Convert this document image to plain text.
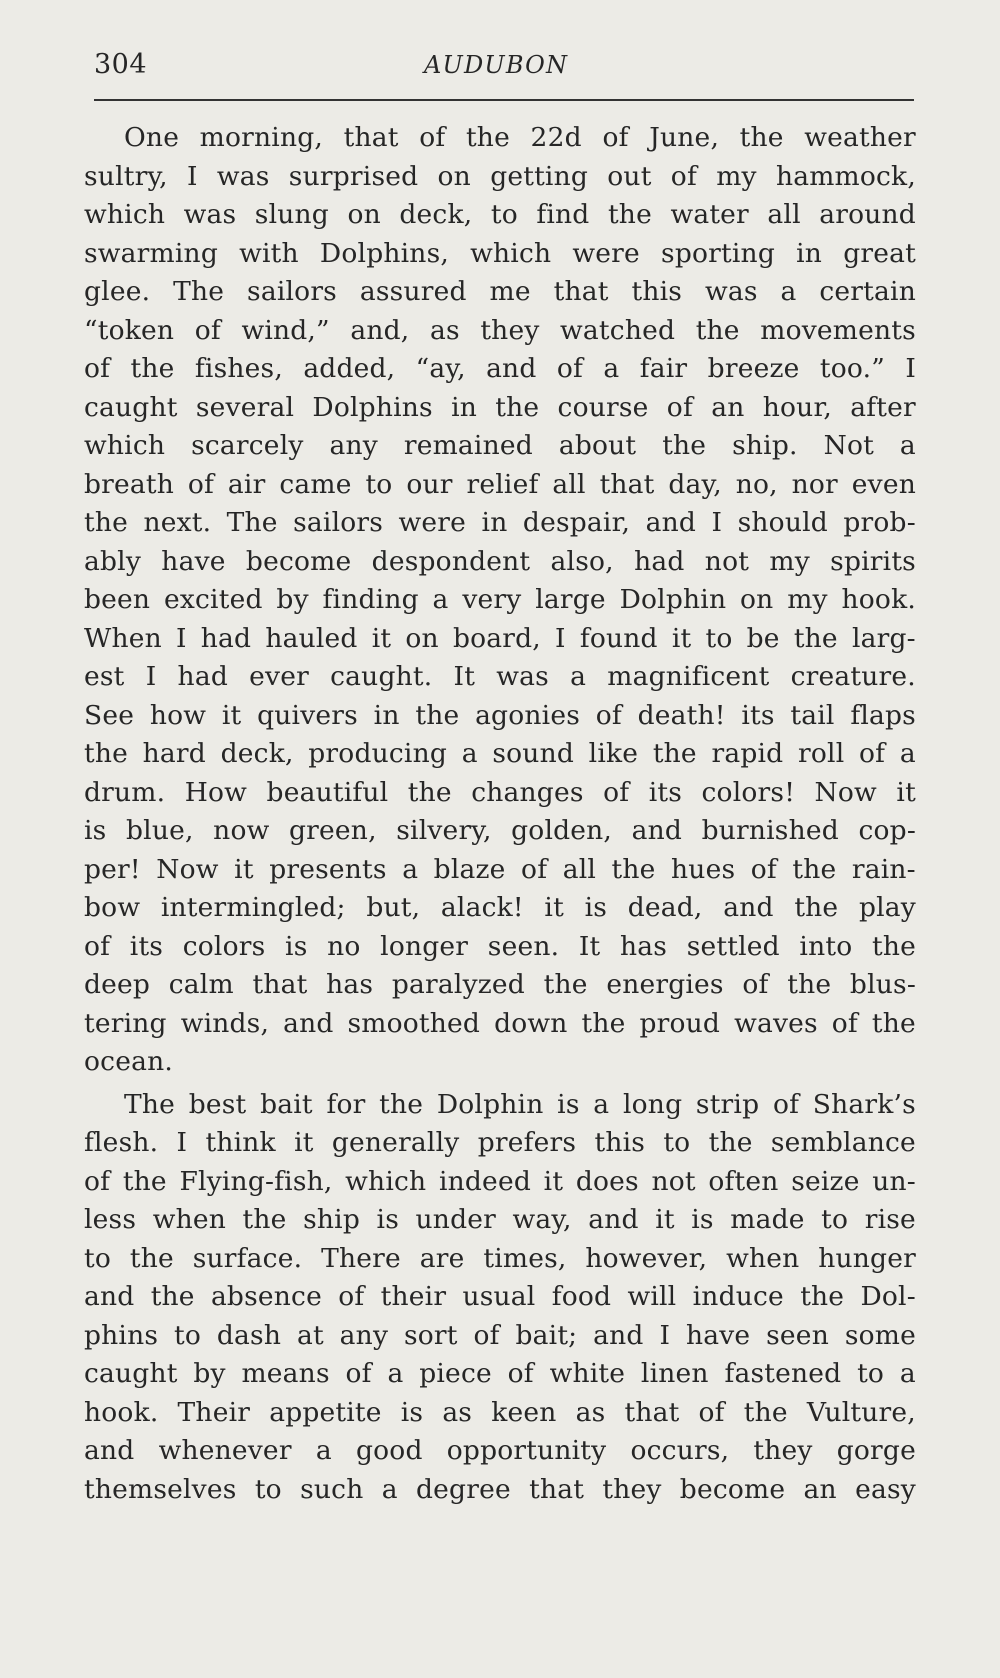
304	AUDUBON
One morning, that of the 22d of June, the weather
sultry, I was surprised on getting out of my hammock,
which was slung on deck, to find the water all around
swarming with Dolphins, which were sporting in great
glee. The sailors assured me that this was a certain
“token of wind,” and, as they watched the movements
of the fishes, added, “ay, and of a fair breeze too.” I
caught several Dolphins in the course of an hour, after
which scarcely any remained about the ship. Not a
breath of air came to our relief all that day, no, nor even
the next. The sailors were in despair, and I should prob-
ably have become despondent also, had not my spirits
been excited by finding a very large Dolphin on my hook.
When I had hauled it on board, I found it to be the larg-
est I had ever caught. It was a magnificent creature.
See how it quivers in the agonies of death! its tail flaps
the hard deck, producing a sound like the rapid roll of a
drum. How beautiful the changes of its colors! Now it
is blue, now green, silvery, golden, and burnished cop-
per! Now it presents a blaze of all the hues of the rain-
bow intermingled; but, alack! it is dead, and the play
of its colors is no longer seen. It has settled into the
deep calm that has paralyzed the energies of the blus-
tering winds, and smoothed down the proud waves of the
ocean.
The best bait for the Dolphin is a long strip of Shark’s
flesh. I think it generally prefers this to the semblance
of the Flying-fish, which indeed it does not often seize un-
less when the ship is under way, and it is made to rise
to the surface. There are times, however, when hunger
and the absence of their usual food will induce the Dol-
phins to dash at any sort of bait; and I have seen some
caught by means of a piece of white linen fastened to a
hook. Their appetite is as keen as that of the Vulture,
and whenever a good opportunity occurs, they gorge
themselves to such a degree that they become an easy
